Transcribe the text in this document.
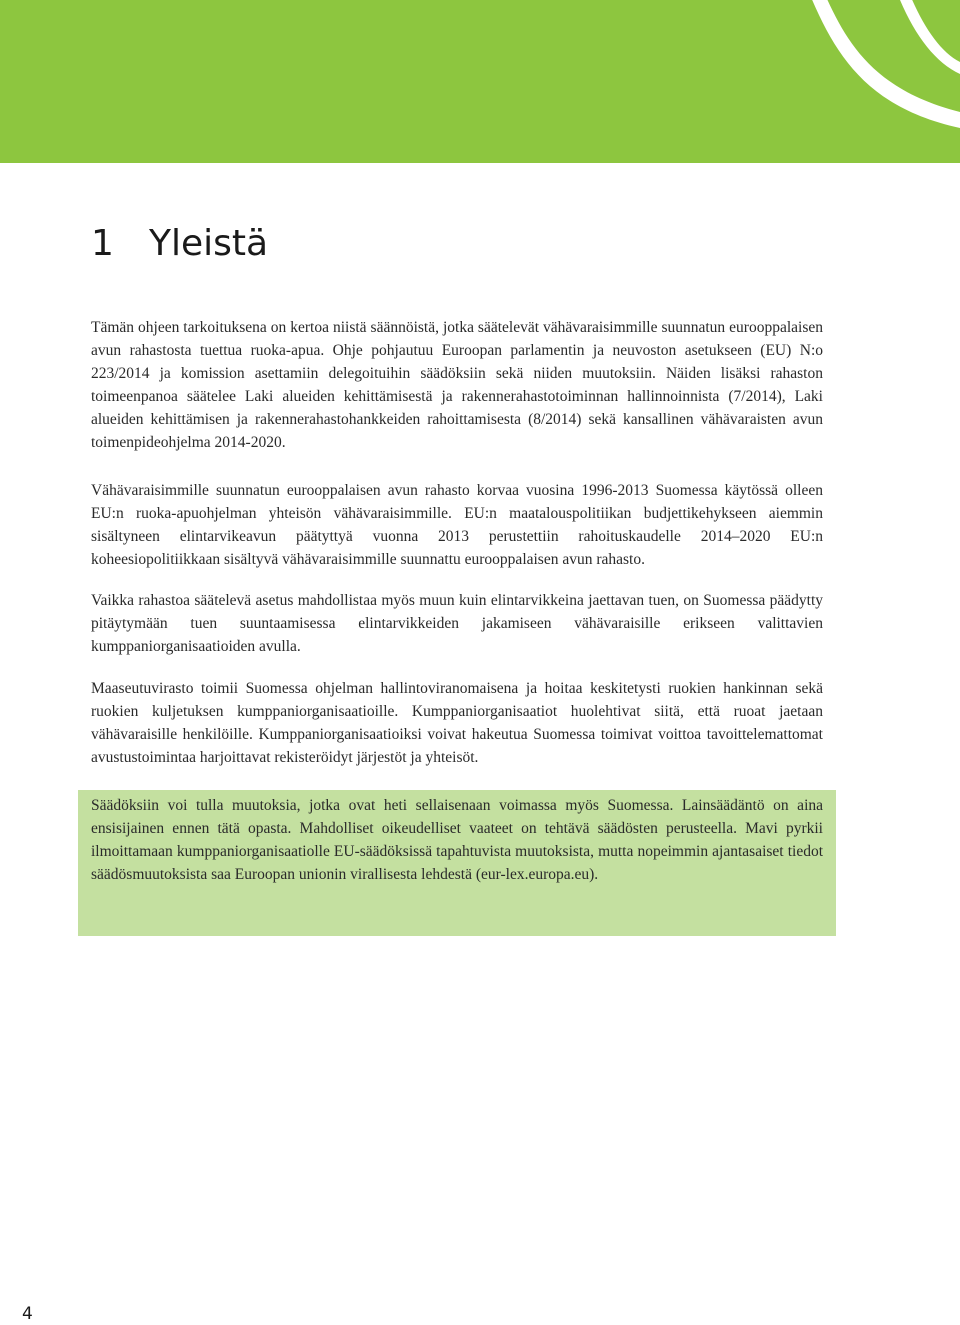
1 Yleistä

Tämän ohjeen tarkoituksena on kertoa niistä säännöistä, jotka säätelevät vähävaraisimmille suunnatun eurooppalaisen avun rahastosta tuettua ruoka-apua. Ohje pohjautuu Euroopan parlamentin ja neuvoston asetukseen (EU) N:o 223/2014 ja komission asettamiin delegoituihin säädöksiin sekä niiden muutoksiin. Näiden lisäksi rahaston toimeenpanoa säätelee Laki alueiden kehittämisestä ja rakennerahastotoiminnan hallinnoinnista (7/2014), Laki alueiden kehittämisen ja rakennerahastohankkeiden rahoittamisesta (8/2014) sekä kansallinen vähävaraisten avun toimenpideohjelma 2014-2020.

Vähävaraisimmille suunnatun eurooppalaisen avun rahasto korvaa vuosina 1996-2013 Suomessa käytössä olleen EU:n ruoka-apuohjelman yhteisön vähävaraisimmille. EU:n maatalouspolitiikan budjettikehykseen aiemmin sisältyneen elintarvikeavun päätyttyä vuonna 2013 perustettiin rahoituskaudelle 2014–2020 EU:n koheesiopolitiikkaan sisältyvä vähävaraisimmille suunnattu eurooppalaisen avun rahasto.

Vaikka rahastoa säätelevä asetus mahdollistaa myös muun kuin elintarvikkeina jaettavan tuen, on Suomessa päädytty pitäytymään tuen suuntaamisessa elintarvikkeiden jakamiseen vähävaraisille erikseen valittavien kumppaniorganisaatioiden avulla.

Maaseutuvirasto toimii Suomessa ohjelman hallintoviranomaisena ja hoitaa keskitetysti ruokien hankinnan sekä ruokien kuljetuksen kumppaniorganisaatioille. Kumppaniorganisaatiot huolehtivat siitä, että ruoat jaetaan vähävaraisille henkilöille. Kumppaniorganisaatioiksi voivat hakeutua Suomessa toimivat voittoa tavoittelemattomat avustustoimintaa harjoittavat rekisteröidyt järjestöt ja yhteisöt.

Säädöksiin voi tulla muutoksia, jotka ovat heti sellaisenaan voimassa myös Suomessa. Lainsäädäntö on aina ensisijainen ennen tätä opasta. Mahdolliset oikeudelliset vaateet on tehtävä säädösten perusteella. Mavi pyrkii ilmoittamaan kumppaniorganisaatiolle EU-säädöksissä tapahtuvista muutoksista, mutta nopeimmin ajantasaiset tiedot säädösmuutoksista saa Euroopan unionin virallisesta lehdestä (eur-lex.europa.eu).

4
